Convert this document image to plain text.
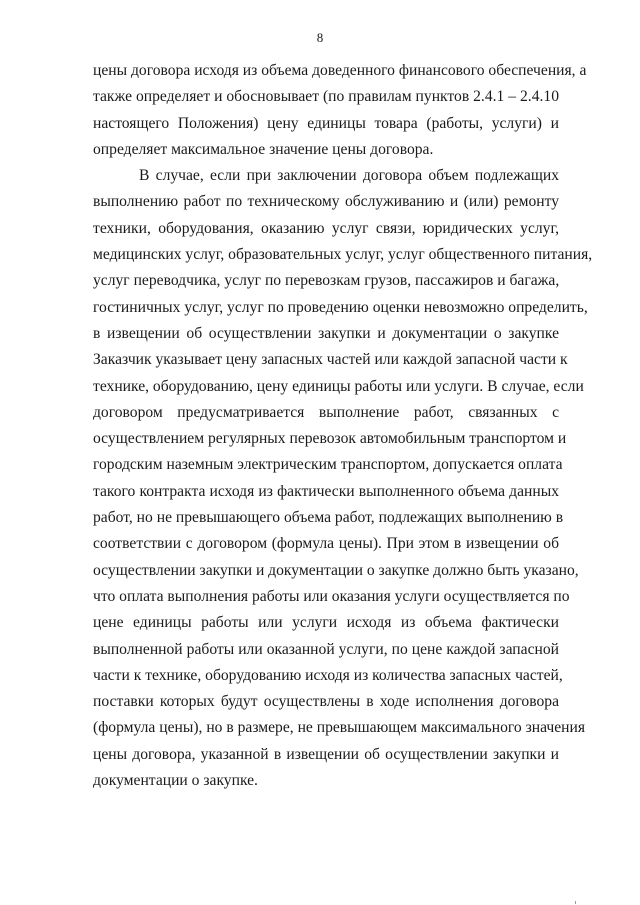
8
цены договора исходя из объема доведенного финансового обеспечения, а
также определяет и обосновывает (по правилам пунктов 2.4.1 – 2.4.10
настоящего Положения) цену единицы товара (работы, услуги) и
определяет максимальное значение цены договора.
В случае, если при заключении договора объем подлежащих
выполнению работ по техническому обслуживанию и (или) ремонту
техники, оборудования, оказанию услуг связи, юридических услуг,
медицинских услуг, образовательных услуг, услуг общественного питания,
услуг переводчика, услуг по перевозкам грузов, пассажиров и багажа,
гостиничных услуг, услуг по проведению оценки невозможно определить,
в извещении об осуществлении закупки и документации о закупке
Заказчик указывает цену запасных частей или каждой запасной части к
технике, оборудованию, цену единицы работы или услуги. В случае, если
договором предусматривается выполнение работ, связанных с
осуществлением регулярных перевозок автомобильным транспортом и
городским наземным электрическим транспортом, допускается оплата
такого контракта исходя из фактически выполненного объема данных
работ, но не превышающего объема работ, подлежащих выполнению в
соответствии с договором (формула цены). При этом в извещении об
осуществлении закупки и документации о закупке должно быть указано,
что оплата выполнения работы или оказания услуги осуществляется по
цене единицы работы или услуги исходя из объема фактически
выполненной работы или оказанной услуги, по цене каждой запасной
части к технике, оборудованию исходя из количества запасных частей,
поставки которых будут осуществлены в ходе исполнения договора
(формула цены), но в размере, не превышающем максимального значения
цены договора, указанной в извещении об осуществлении закупки и
документации о закупке.
